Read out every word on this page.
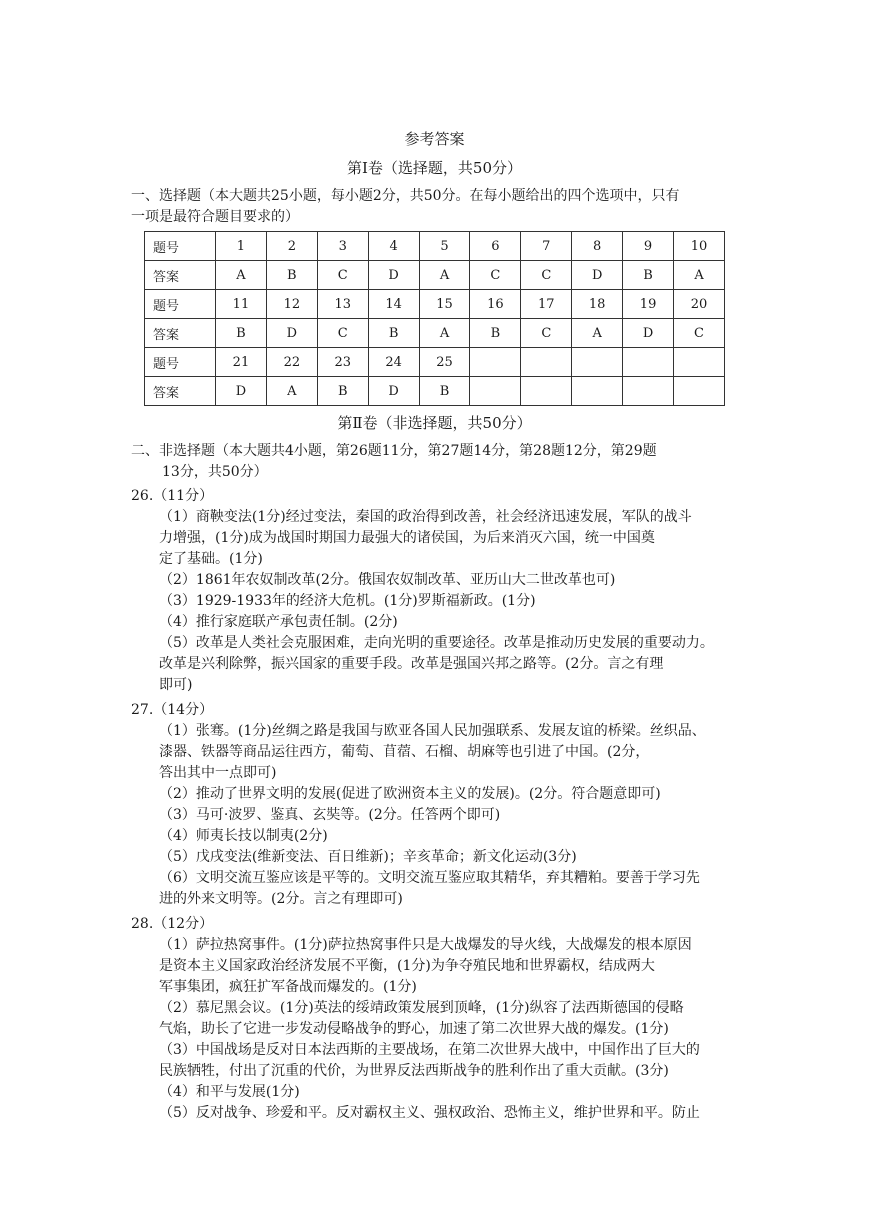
参考答案
第Ⅰ卷（选择题，共50分）
一、选择题（本大题共25小题，每小题2分，共50分。在每小题给出的四个选项中，只有
一项是最符合题目要求的）
题号	1	2	3	4	5	6	7	8	9	10
答案	A	B	C	D	A	C	C	D	B	A
题号	11	12	13	14	15	16	17	18	19	20
答案	B	D	C	B	A	B	C	A	D	C
题号	21	22	23	24	25					
答案	D	A	B	D	B					
第Ⅱ卷（非选择题，共50分）
二、非选择题（本大题共4小题，第26题11分，第27题14分，第28题12分，第29题
13分，共50分）
26.（11分）
（1）商鞅变法(1分)经过变法，秦国的政治得到改善，社会经济迅速发展，军队的战斗
力增强，(1分)成为战国时期国力最强大的诸侯国，为后来消灭六国，统一中国奠
定了基础。(1分)
（2）1861年农奴制改革(2分。俄国农奴制改革、亚历山大二世改革也可)
（3）1929-1933年的经济大危机。(1分)罗斯福新政。(1分)
（4）推行家庭联产承包责任制。(2分)
（5）改革是人类社会克服困难，走向光明的重要途径。改革是推动历史发展的重要动力。
改革是兴利除弊，振兴国家的重要手段。改革是强国兴邦之路等。(2分。言之有理
即可)
27.（14分）
（1）张骞。(1分)丝绸之路是我国与欧亚各国人民加强联系、发展友谊的桥梁。丝织品、
漆器、铁器等商品运往西方，葡萄、苜蓿、石榴、胡麻等也引进了中国。(2分，
答出其中一点即可)
（2）推动了世界文明的发展(促进了欧洲资本主义的发展)。(2分。符合题意即可)
（3）马可·波罗、鉴真、玄奘等。(2分。任答两个即可)
（4）师夷长技以制夷(2分)
（5）戊戌变法(维新变法、百日维新)；辛亥革命；新文化运动(3分)
（6）文明交流互鉴应该是平等的。文明交流互鉴应取其精华，弃其糟粕。要善于学习先
进的外来文明等。(2分。言之有理即可)
28.（12分）
（1）萨拉热窝事件。(1分)萨拉热窝事件只是大战爆发的导火线，大战爆发的根本原因
是资本主义国家政治经济发展不平衡，(1分)为争夺殖民地和世界霸权，结成两大
军事集团，疯狂扩军备战而爆发的。(1分)
（2）慕尼黑会议。(1分)英法的绥靖政策发展到顶峰，(1分)纵容了法西斯德国的侵略
气焰，助长了它进一步发动侵略战争的野心，加速了第二次世界大战的爆发。(1分)
（3）中国战场是反对日本法西斯的主要战场，在第二次世界大战中，中国作出了巨大的
民族牺牲，付出了沉重的代价，为世界反法西斯战争的胜利作出了重大贡献。(3分)
（4）和平与发展(1分)
（5）反对战争、珍爱和平。反对霸权主义、强权政治、恐怖主义，维护世界和平。防止
